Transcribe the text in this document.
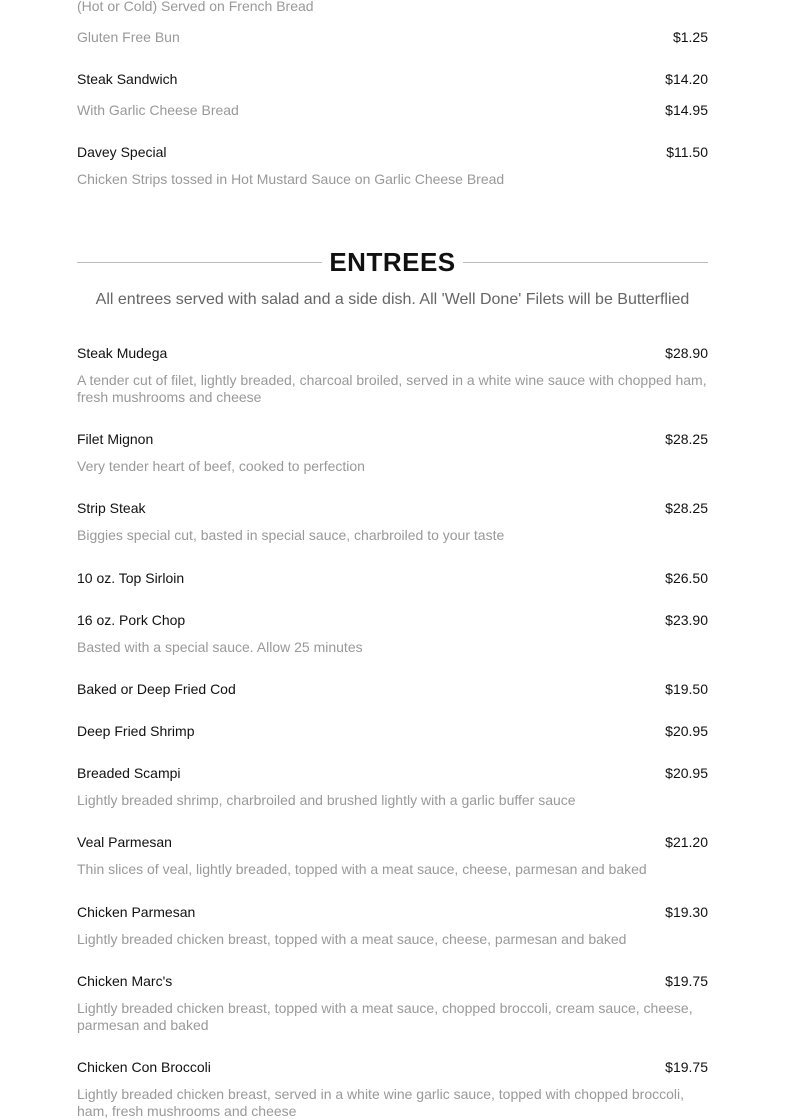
(Hot or Cold) Served on French Bread
Gluten Free Bun	$1.25
Steak Sandwich	$14.20
With Garlic Cheese Bread	$14.95
Davey Special	$11.50
Chicken Strips tossed in Hot Mustard Sauce on Garlic Cheese Bread
ENTREES
All entrees served with salad and a side dish. All 'Well Done' Filets will be Butterflied
Steak Mudega	$28.90
A tender cut of filet, lightly breaded, charcoal broiled, served in a white wine sauce with chopped ham, fresh mushrooms and cheese
Filet Mignon	$28.25
Very tender heart of beef, cooked to perfection
Strip Steak	$28.25
Biggies special cut, basted in special sauce, charbroiled to your taste
10 oz. Top Sirloin	$26.50
16 oz. Pork Chop	$23.90
Basted with a special sauce. Allow 25 minutes
Baked or Deep Fried Cod	$19.50
Deep Fried Shrimp	$20.95
Breaded Scampi	$20.95
Lightly breaded shrimp, charbroiled and brushed lightly with a garlic buffer sauce
Veal Parmesan	$21.20
Thin slices of veal, lightly breaded, topped with a meat sauce, cheese, parmesan and baked
Chicken Parmesan	$19.30
Lightly breaded chicken breast, topped with a meat sauce, cheese, parmesan and baked
Chicken Marc's	$19.75
Lightly breaded chicken breast, topped with a meat sauce, chopped broccoli, cream sauce, cheese, parmesan and baked
Chicken Con Broccoli	$19.75
Lightly breaded chicken breast, served in a white wine garlic sauce, topped with chopped broccoli, ham, fresh mushrooms and cheese
